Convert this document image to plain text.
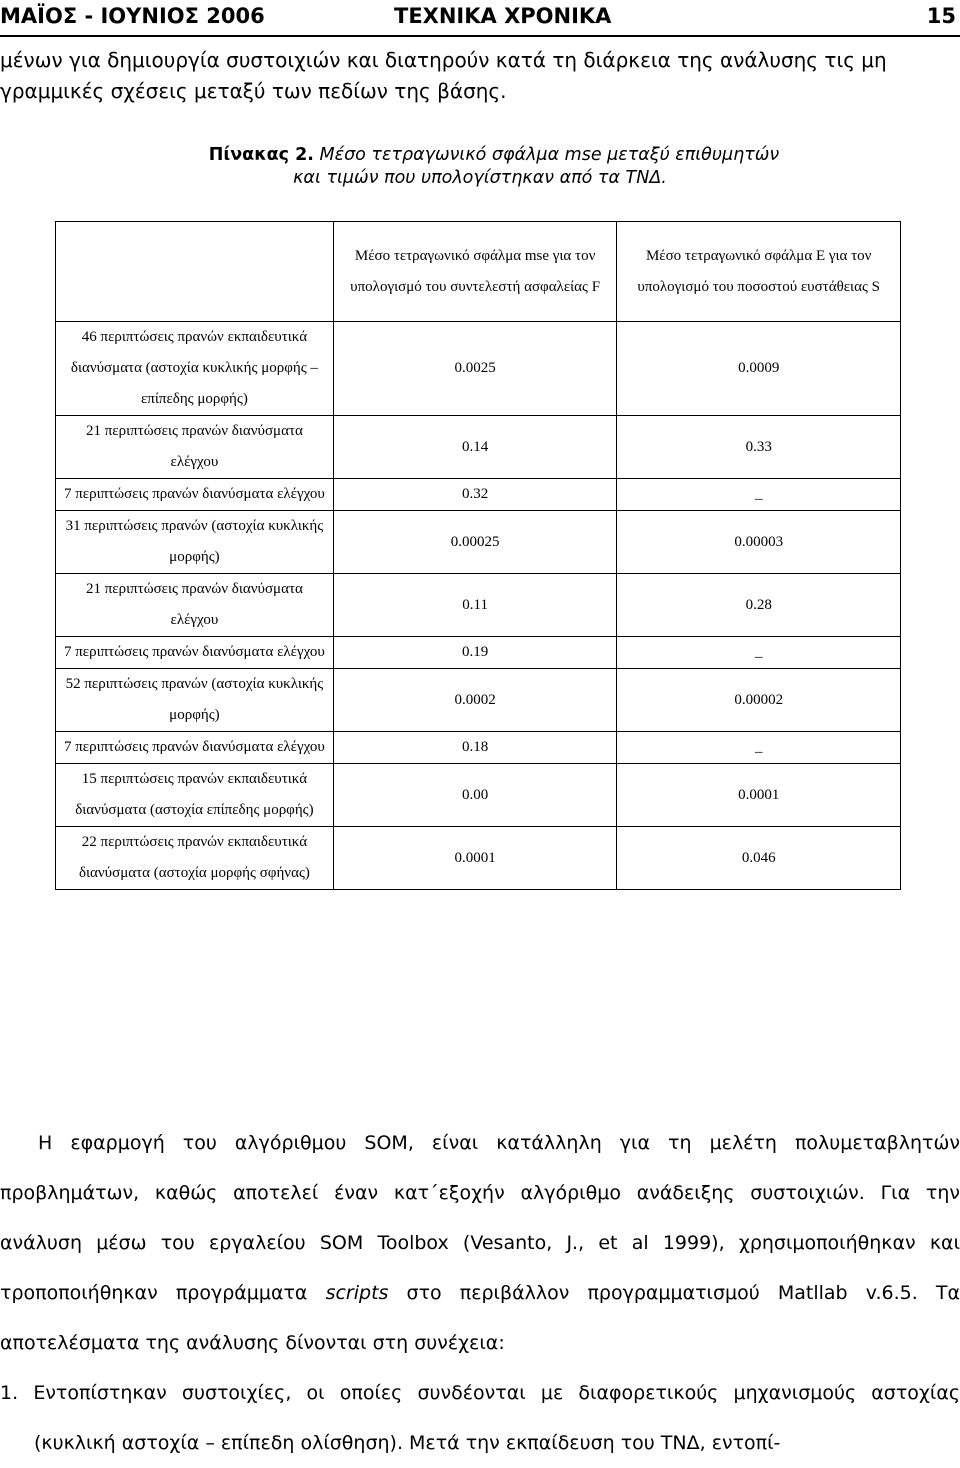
ΜΑΪΟΣ - ΙΟΥΝΙΟΣ 2006	ΤΕΧΝΙΚΑ ΧΡΟΝΙΚΑ	15
μένων για δημιουργία συστοιχιών και διατηρούν κατά τη διάρκεια της ανάλυσης τις μη
γραμμικές σχέσεις μεταξύ των πεδίων της βάσης.
Πίνακας 2. Μέσο τετραγωνικό σφάλμα mse μεταξύ επιθυμητών
και τιμών που υπολογίστηκαν από τα ΤΝΔ.
	Μέσο τετραγωνικό σφάλμα mse για τον υπολογισμό του συντελεστή ασφαλείας F	Μέσο τετραγωνικό σφάλμα E για τον υπολογισμό του ποσοστού ευστάθειας S
46 περιπτώσεις πρανών εκπαιδευτικά διανύσματα (αστοχία κυκλικής μορφής – επίπεδης μορφής)	0.0025	0.0009
21 περιπτώσεις πρανών διανύσματα ελέγχου	0.14	0.33
7 περιπτώσεις πρανών διανύσματα ελέγχου	0.32	_
31 περιπτώσεις πρανών (αστοχία κυκλικής μορφής)	0.00025	0.00003
21 περιπτώσεις πρανών διανύσματα ελέγχου	0.11	0.28
7 περιπτώσεις πρανών διανύσματα ελέγχου	0.19	_
52 περιπτώσεις πρανών (αστοχία κυκλικής μορφής)	0.0002	0.00002
7 περιπτώσεις πρανών διανύσματα ελέγχου	0.18	_
15 περιπτώσεις πρανών εκπαιδευτικά διανύσματα (αστοχία επίπεδης μορφής)	0.00	0.0001
22 περιπτώσεις πρανών εκπαιδευτικά διανύσματα (αστοχία μορφής σφήνας)	0.0001	0.046

Η εφαρμογή του αλγόριθμου SOM, είναι κατάλληλη για τη μελέτη πολυμεταβλητών προβλημάτων, καθώς αποτελεί έναν κατ΄εξοχήν αλγόριθμο ανάδειξης συστοιχιών. Για την ανάλυση μέσω του εργαλείου SOM Toolbox (Vesanto, J., et al 1999), χρησιμοποιήθηκαν και τροποποιήθηκαν προγράμματα scripts στο περιβάλλον προγραμματισμού Matllab v.6.5. Τα αποτελέσματα της ανάλυσης δίνονται στη συνέχεια:

1. Εντοπίστηκαν συστοιχίες, οι οποίες συνδέονται με διαφορετικούς μηχανισμούς αστοχίας (κυκλική αστοχία – επίπεδη ολίσθηση). Μετά την εκπαίδευση του ΤΝΔ, εντοπί-
